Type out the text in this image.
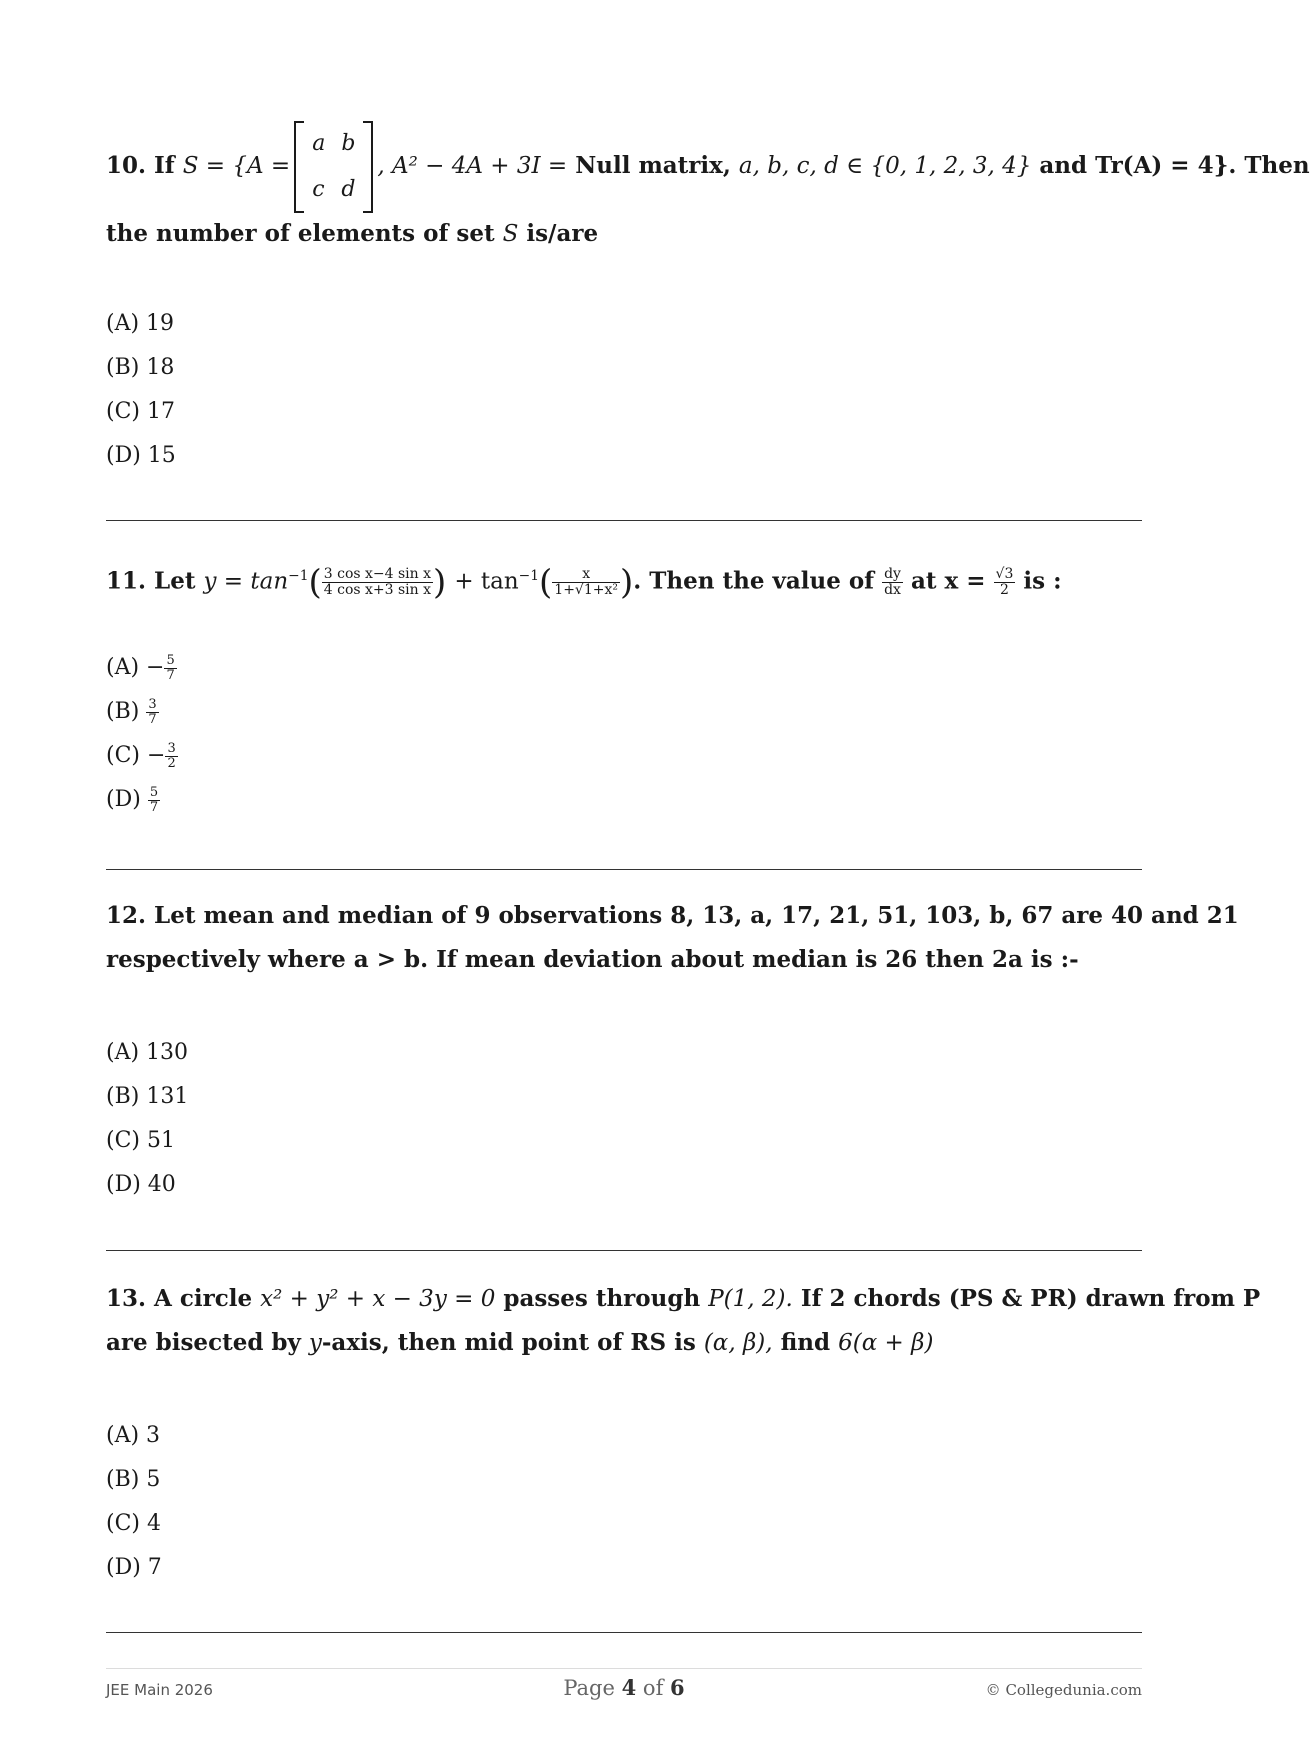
10. If S = {A =
a	b
c	d
, A² − 4A + 3I = Null matrix, a, b, c, d ∈ {0, 1, 2, 3, 4} and Tr(A) = 4}. Then
the number of elements of set S is/are
(A) 19
(B) 18
(C) 17
(D) 15
11. Let $y = \tan^{-1}( \frac{\text{3 cos x−4 sin x}}{\text{4 cos x+3 sin x}}$ ) + $\tan^{-1}( \frac{x}{\text{1+√1+x²}}$ ). Then the value of $\frac{dy}{dx}$ at $x = \frac{√3}{2}$ is :
$(A) - \frac{5}{7}$
$(B) \frac{3}{7}$
$(C) - \frac{3}{2}$
$(D) \frac{5}{7}$
12. Let mean and median of 9 observations 8, 13, a, 17, 21, 51, 103, b, 67 are 40 and 21
respectively where a > b. If mean deviation about median is 26 then 2a is :-
(A) 130
(B) 131
(C) 51
(D) 40
13. A circle x² + y² + x − 3y = 0 passes through P(1, 2). If 2 chords (PS & PR) drawn from P
are bisected by y-axis, then mid point of RS is (α, β), find 6(α + β)
(A) 3
(B) 5
(C) 4
(D) 7
JEE Main 2026	Page 4 of 6	© Collegedunia.com
